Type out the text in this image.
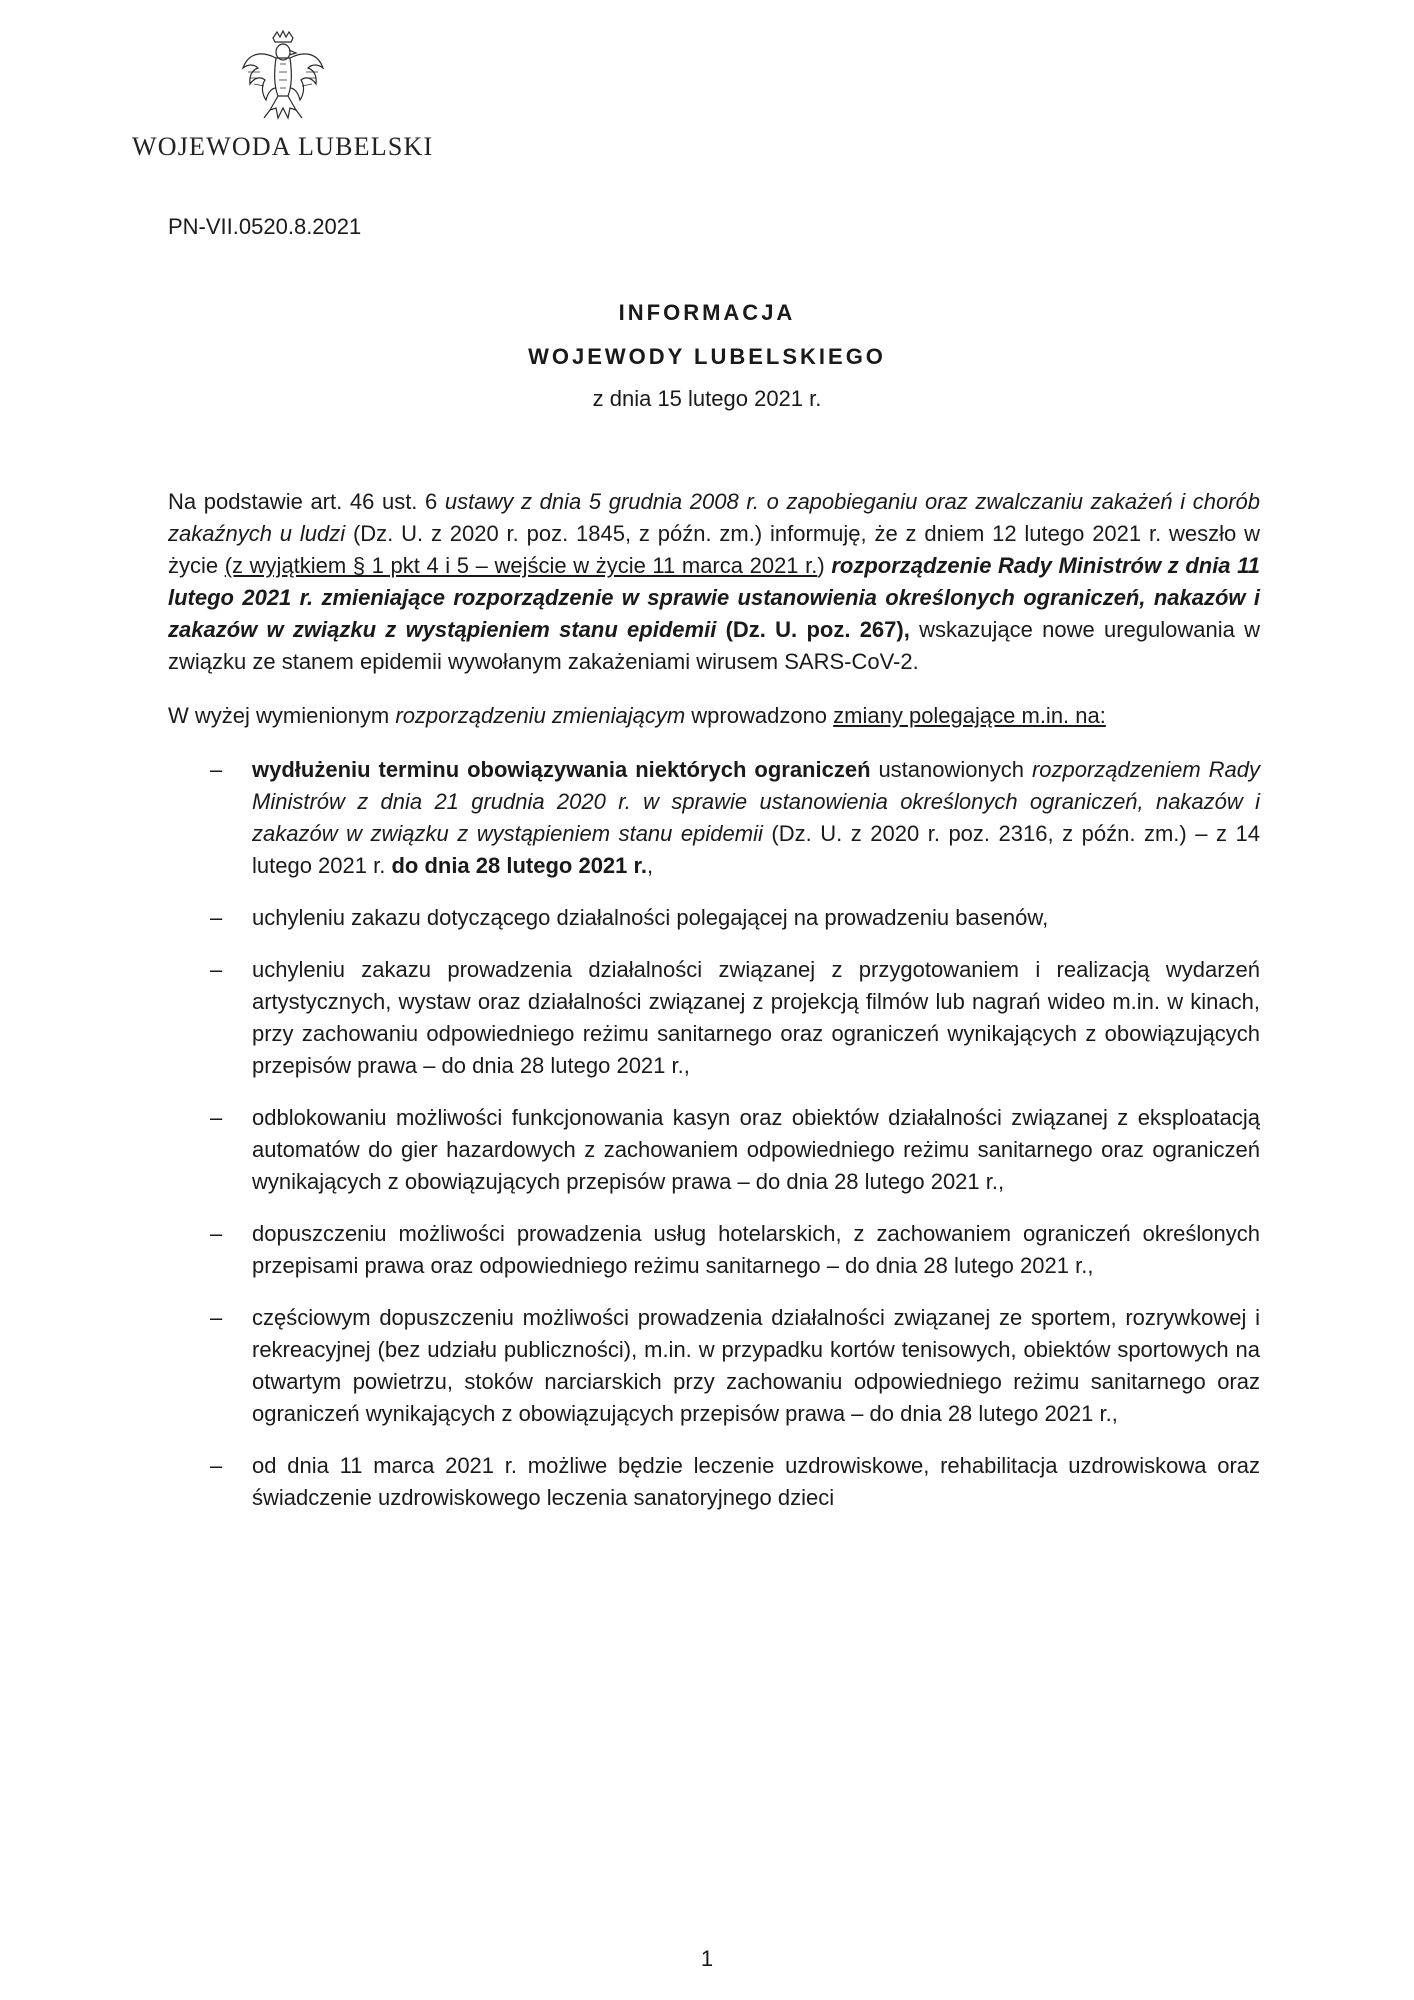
WOJEWODA LUBELSKI
PN-VII.0520.8.2021
INFORMACJA
WOJEWODY LUBELSKIEGO
z dnia 15 lutego 2021 r.

Na podstawie art. 46 ust. 6 ustawy z dnia 5 grudnia 2008 r. o zapobieganiu oraz zwalczaniu zakażeń i chorób zakaźnych u ludzi (Dz. U. z 2020 r. poz. 1845, z późn. zm.) informuję, że z dniem 12 lutego 2021 r. weszło w życie (z wyjątkiem § 1 pkt 4 i 5 – wejście w życie 11 marca 2021 r.) rozporządzenie Rady Ministrów z dnia 11 lutego 2021 r. zmieniające rozporządzenie w sprawie ustanowienia określonych ograniczeń, nakazów i zakazów w związku z wystąpieniem stanu epidemii (Dz. U. poz. 267), wskazujące nowe uregulowania w związku ze stanem epidemii wywołanym zakażeniami wirusem SARS-CoV-2.

W wyżej wymienionym rozporządzeniu zmieniającym wprowadzono zmiany polegające m.in. na:

– wydłużeniu terminu obowiązywania niektórych ograniczeń ustanowionych rozporządzeniem Rady Ministrów z dnia 21 grudnia 2020 r. w sprawie ustanowienia określonych ograniczeń, nakazów i zakazów w związku z wystąpieniem stanu epidemii (Dz. U. z 2020 r. poz. 2316, z późn. zm.) – z 14 lutego 2021 r. do dnia 28 lutego 2021 r.,
– uchyleniu zakazu dotyczącego działalności polegającej na prowadzeniu basenów,
– uchyleniu zakazu prowadzenia działalności związanej z przygotowaniem i realizacją wydarzeń artystycznych, wystaw oraz działalności związanej z projekcją filmów lub nagrań wideo m.in. w kinach, przy zachowaniu odpowiedniego reżimu sanitarnego oraz ograniczeń wynikających z obowiązujących przepisów prawa – do dnia 28 lutego 2021 r.,
– odblokowaniu możliwości funkcjonowania kasyn oraz obiektów działalności związanej z eksploatacją automatów do gier hazardowych z zachowaniem odpowiedniego reżimu sanitarnego oraz ograniczeń wynikających z obowiązujących przepisów prawa – do dnia 28 lutego 2021 r.,
– dopuszczeniu możliwości prowadzenia usług hotelarskich, z zachowaniem ograniczeń określonych przepisami prawa oraz odpowiedniego reżimu sanitarnego – do dnia 28 lutego 2021 r.,
– częściowym dopuszczeniu możliwości prowadzenia działalności związanej ze sportem, rozrywkowej i rekreacyjnej (bez udziału publiczności), m.in. w przypadku kortów tenisowych, obiektów sportowych na otwartym powietrzu, stoków narciarskich przy zachowaniu odpowiedniego reżimu sanitarnego oraz ograniczeń wynikających z obowiązujących przepisów prawa – do dnia 28 lutego 2021 r.,
– od dnia 11 marca 2021 r. możliwe będzie leczenie uzdrowiskowe, rehabilitacja uzdrowiskowa oraz świadczenie uzdrowiskowego leczenia sanatoryjnego dzieci
1
